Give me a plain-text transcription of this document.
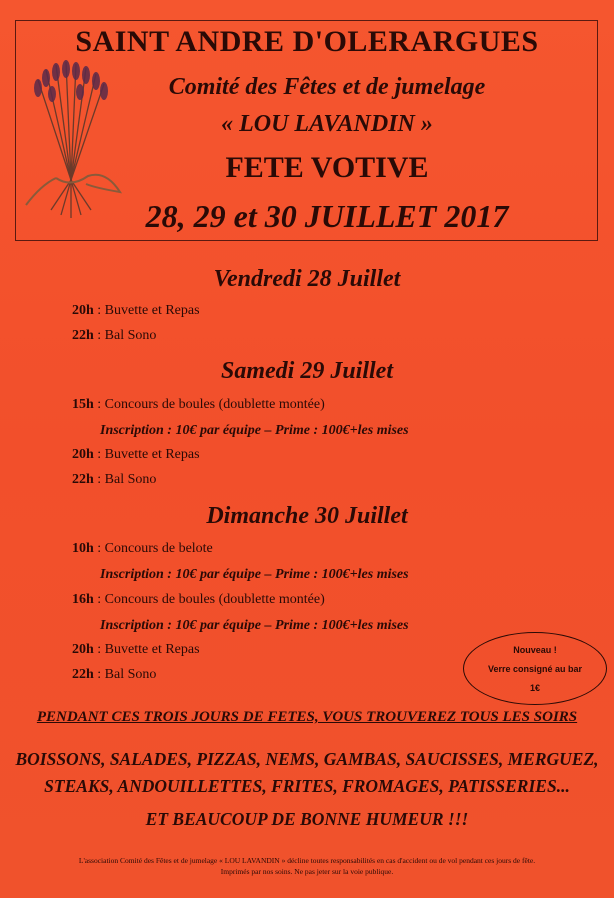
SAINT ANDRE D'OLERARGUES
Comité des Fêtes et de jumelage
« LOU LAVANDIN »
FETE VOTIVE
28, 29 et 30 JUILLET 2017
Vendredi 28 Juillet
20h : Buvette et Repas
22h : Bal Sono
Samedi 29 Juillet
15h : Concours de boules (doublette montée)
Inscription : 10€ par équipe – Prime : 100€+les mises
20h : Buvette et Repas
22h : Bal Sono
Dimanche 30 Juillet
10h : Concours de belote
Inscription : 10€ par équipe – Prime : 100€+les mises
16h : Concours de boules (doublette montée)
Inscription : 10€ par équipe – Prime : 100€+les mises
20h : Buvette et Repas
22h : Bal Sono
Nouveau !
Verre consigné au bar
1€
PENDANT CES TROIS JOURS DE FETES, VOUS TROUVEREZ TOUS LES SOIRS
BOISSONS, SALADES, PIZZAS, NEMS, GAMBAS, SAUCISSES, MERGUEZ,
STEAKS, ANDOUILLETTES, FRITES, FROMAGES, PATISSERIES...
ET BEAUCOUP DE BONNE HUMEUR !!!
L'association Comité des Fêtes et de jumelage « LOU LAVANDIN » décline toutes responsabilités en cas d'accident ou de vol pendant ces jours de fête.
Imprimés par nos soins. Ne pas jeter sur la voie publique.
